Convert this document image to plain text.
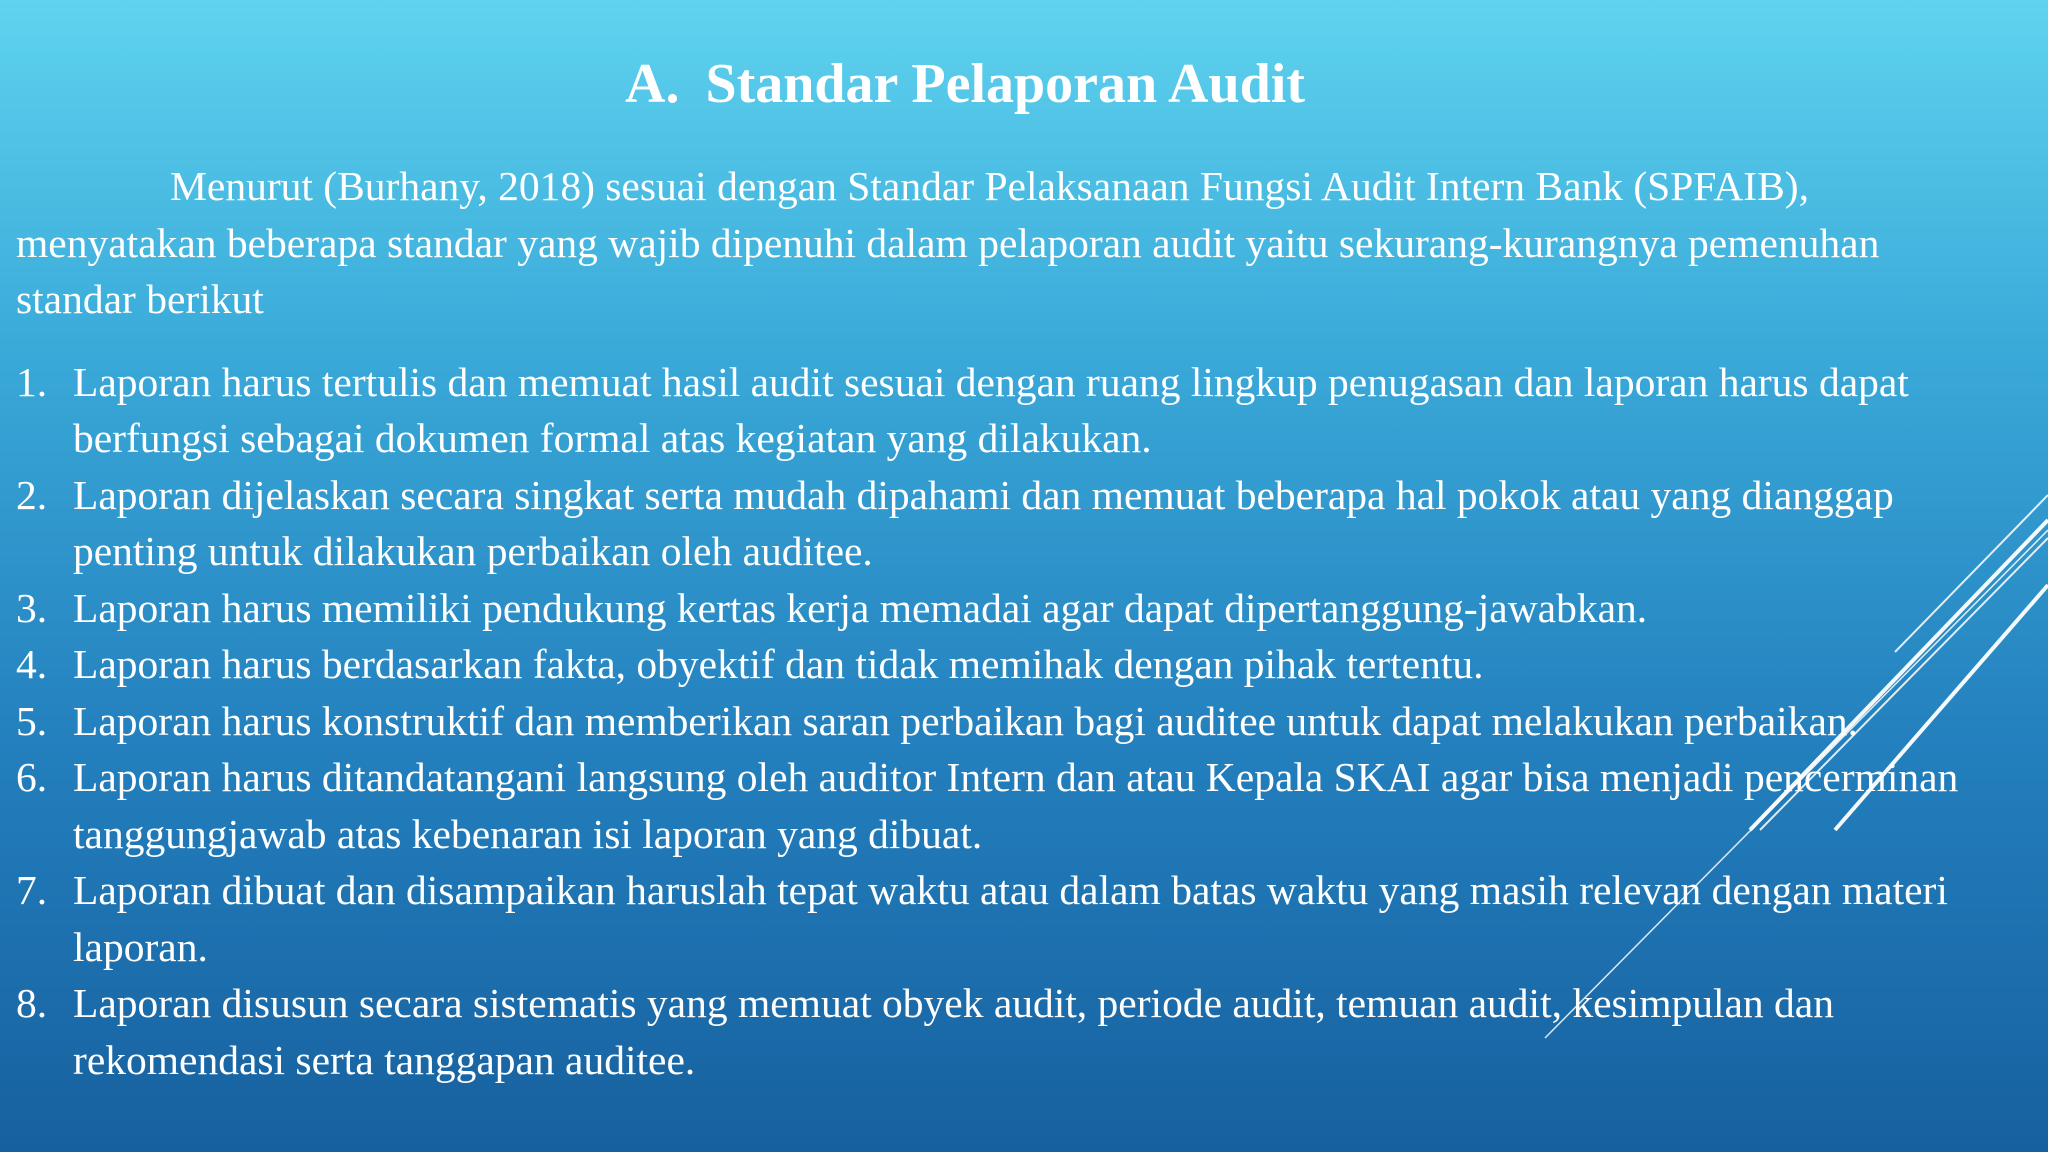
A. Standar Pelaporan Audit

Menurut (Burhany, 2018) sesuai dengan Standar Pelaksanaan Fungsi Audit Intern Bank (SPFAIB), menyatakan beberapa standar yang wajib dipenuhi dalam pelaporan audit yaitu sekurang-kurangnya pemenuhan standar berikut

1. Laporan harus tertulis dan memuat hasil audit sesuai dengan ruang lingkup penugasan dan laporan harus dapat berfungsi sebagai dokumen formal atas kegiatan yang dilakukan.
2. Laporan dijelaskan secara singkat serta mudah dipahami dan memuat beberapa hal pokok atau yang dianggap penting untuk dilakukan perbaikan oleh auditee.
3. Laporan harus memiliki pendukung kertas kerja memadai agar dapat dipertanggung-jawabkan.
4. Laporan harus berdasarkan fakta, obyektif dan tidak memihak dengan pihak tertentu.
5. Laporan harus konstruktif dan memberikan saran perbaikan bagi auditee untuk dapat melakukan perbaikan.
6. Laporan harus ditandatangani langsung oleh auditor Intern dan atau Kepala SKAI agar bisa menjadi pencerminan tanggungjawab atas kebenaran isi laporan yang dibuat.
7. Laporan dibuat dan disampaikan haruslah tepat waktu atau dalam batas waktu yang masih relevan dengan materi laporan.
8. Laporan disusun secara sistematis yang memuat obyek audit, periode audit, temuan audit, kesimpulan dan rekomendasi serta tanggapan auditee.
